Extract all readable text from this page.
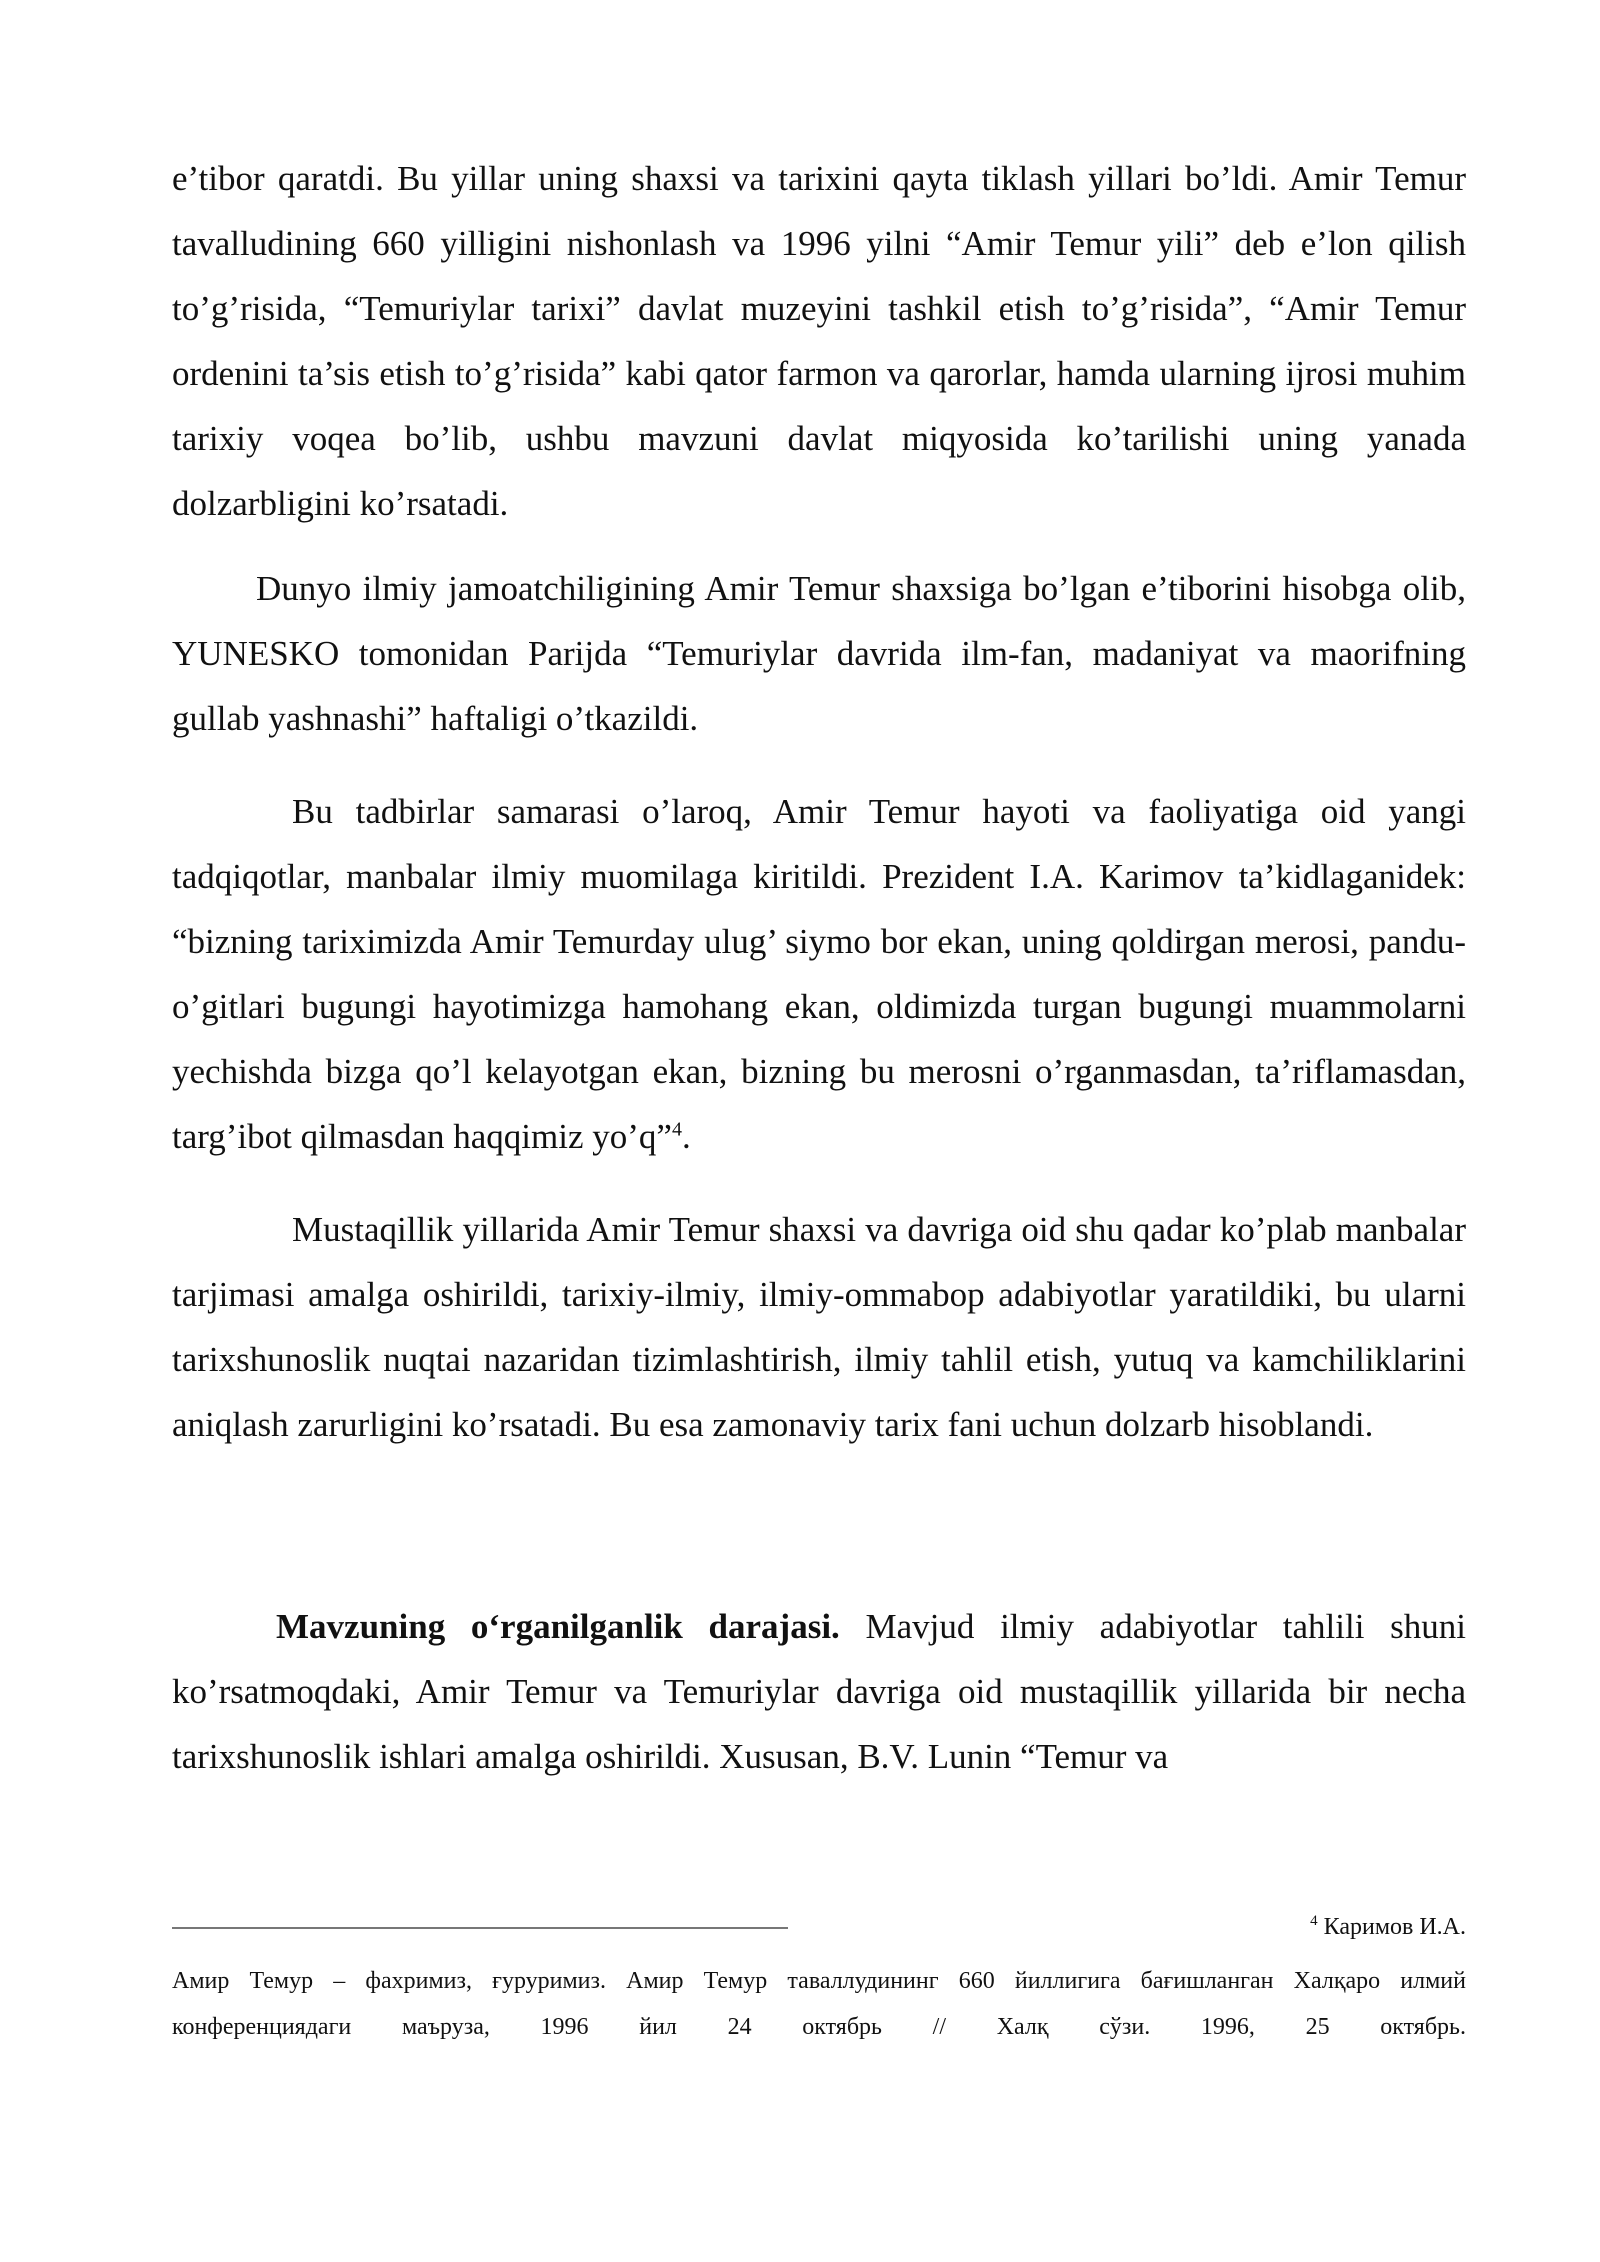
e’tibor qaratdi. Bu yillar uning shaxsi va tarixini qayta tiklash yillari bo’ldi. Amir Temur tavalludining 660 yilligini nishonlash va 1996 yilni “Amir Temur yili” deb e’lon qilish to’g’risida, “Temuriylar tarixi” davlat muzeyini tashkil etish to’g’risida”, “Amir Temur ordenini ta’sis etish to’g’risida” kabi qator farmon va qarorlar, hamda ularning ijrosi muhim tarixiy voqea bo’lib, ushbu mavzuni davlat miqyosida ko’tarilishi uning yanada dolzarbligini ko’rsatadi.

Dunyo ilmiy jamoatchiligining Amir Temur shaxsiga bo’lgan e’tiborini hisobga olib, YUNESKO tomonidan Parijda “Temuriylar davrida ilm-fan, madaniyat va maorifning gullab yashnashi” haftaligi o’tkazildi.

Bu tadbirlar samarasi o’laroq, Amir Temur hayoti va faoliyatiga oid yangi tadqiqotlar, manbalar ilmiy muomilaga kiritildi. Prezident I.A. Karimov ta’kidlaganidek: “bizning tariximizda Amir Temurday ulug’ siymo bor ekan, uning qoldirgan merosi, pandu-o’gitlari bugungi hayotimizga hamohang ekan, oldimizda turgan bugungi muammolarni yechishda bizga qo’l kelayotgan ekan, bizning bu merosni o’rganmasdan, ta’riflamasdan, targ’ibot qilmasdan haqqimiz yo’q”$^4$.

Mustaqillik yillarida Amir Temur shaxsi va davriga oid shu qadar ko’plab manbalar tarjimasi amalga oshirildi, tarixiy-ilmiy, ilmiy-ommabop adabiyotlar yaratildiki, bu ularni tarixshunoslik nuqtai nazaridan tizimlashtirish, ilmiy tahlil etish, yutuq va kamchiliklarini aniqlash zarurligini ko’rsatadi. Bu esa zamonaviy tarix fani uchun dolzarb hisoblandi.

Mavzuning o‘rganilganlik darajasi. Mavjud ilmiy adabiyotlar tahlili shuni ko’rsatmoqdaki, Amir Temur va Temuriylar davriga oid mustaqillik yillarida bir necha tarixshunoslik ishlari amalga oshirildi. Xususan, B.V. Lunin “Temur va

$^4$ Каримов И.А.
Амир Темур – фахримиз, ғуруримиз. Амир Темур таваллудининг 660 йиллигига бағишланган Халқаро илмий конференциядаги маъруза, 1996 йил 24 октябрь // Халқ сўзи. 1996, 25 октябрь.
